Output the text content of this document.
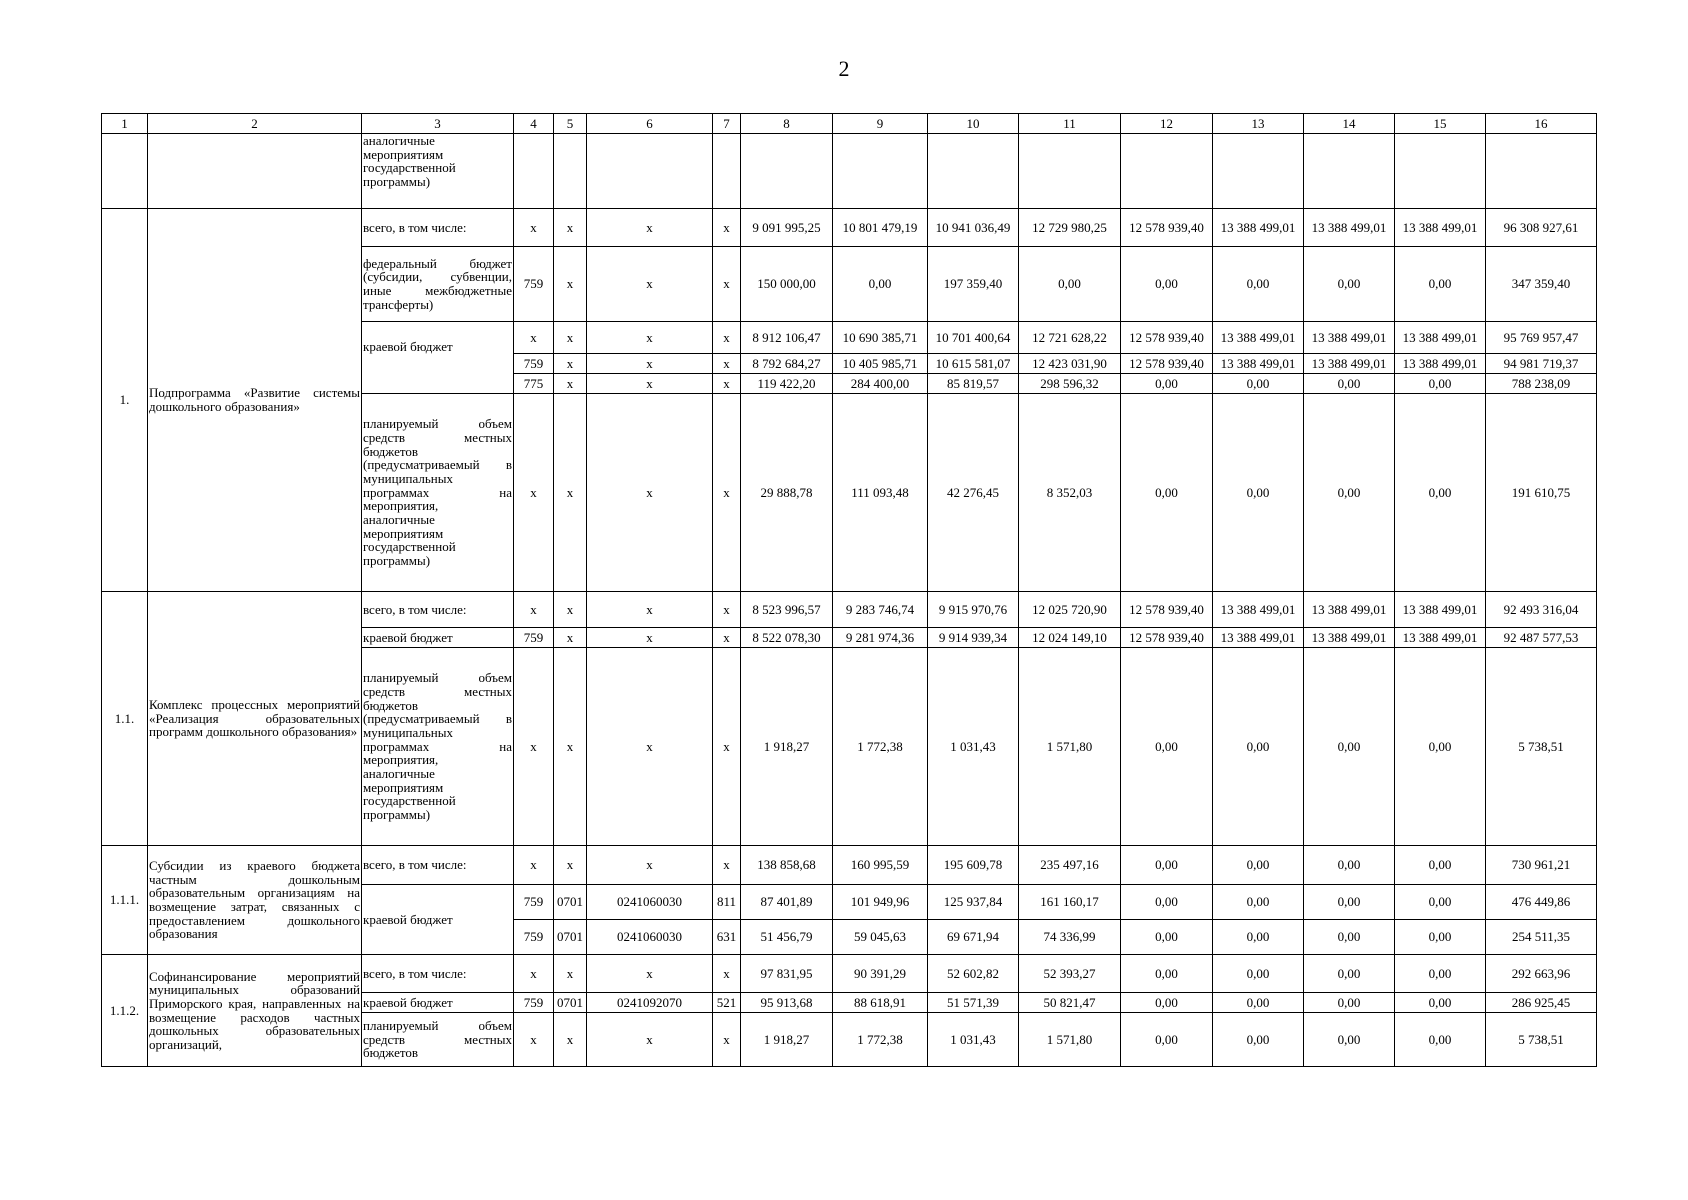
2
1	2	3	4	5	6	7	8	9	10	11	12	13	14	15	16
		аналогичные мероприятиям государственной программы)													
1.	Подпрограмма «Развитие системы дошкольного образования»	всего, в том числе:	x	x	x	x	9 091 995,25	10 801 479,19	10 941 036,49	12 729 980,25	12 578 939,40	13 388 499,01	13 388 499,01	13 388 499,01	96 308 927,61
		федеральный бюджет (субсидии, субвенции, иные межбюджетные трансферты)	759	x	x	x	150 000,00	0,00	197 359,40	0,00	0,00	0,00	0,00	0,00	347 359,40
		краевой бюджет	x	x	x	x	8 912 106,47	10 690 385,71	10 701 400,64	12 721 628,22	12 578 939,40	13 388 499,01	13 388 499,01	13 388 499,01	95 769 957,47
			759	x	x	x	8 792 684,27	10 405 985,71	10 615 581,07	12 423 031,90	12 578 939,40	13 388 499,01	13 388 499,01	13 388 499,01	94 981 719,37
			775	x	x	x	119 422,20	284 400,00	85 819,57	298 596,32	0,00	0,00	0,00	0,00	788 238,09
		планируемый объем средств местных бюджетов (предусматриваемый в муниципальных программах на мероприятия, аналогичные мероприятиям государственной программы)	x	x	x	x	29 888,78	111 093,48	42 276,45	8 352,03	0,00	0,00	0,00	0,00	191 610,75
1.1.	Комплекс процессных мероприятий «Реализация образовательных программ дошкольного образования»	всего, в том числе:	x	x	x	x	8 523 996,57	9 283 746,74	9 915 970,76	12 025 720,90	12 578 939,40	13 388 499,01	13 388 499,01	13 388 499,01	92 493 316,04
		краевой бюджет	759	x	x	x	8 522 078,30	9 281 974,36	9 914 939,34	12 024 149,10	12 578 939,40	13 388 499,01	13 388 499,01	13 388 499,01	92 487 577,53
		планируемый объем средств местных бюджетов (предусматриваемый в муниципальных программах на мероприятия, аналогичные мероприятиям государственной программы)	x	x	x	x	1 918,27	1 772,38	1 031,43	1 571,80	0,00	0,00	0,00	0,00	5 738,51
1.1.1.	Субсидии из краевого бюджета частным дошкольным образовательным организациям на возмещение затрат, связанных с предоставлением дошкольного образования	всего, в том числе:	x	x	x	x	138 858,68	160 995,59	195 609,78	235 497,16	0,00	0,00	0,00	0,00	730 961,21
		краевой бюджет	759	0701	0241060030	811	87 401,89	101 949,96	125 937,84	161 160,17	0,00	0,00	0,00	0,00	476 449,86
			759	0701	0241060030	631	51 456,79	59 045,63	69 671,94	74 336,99	0,00	0,00	0,00	0,00	254 511,35
1.1.2.	Софинансирование мероприятий муниципальных образований Приморского края, направленных на возмещение расходов частных дошкольных образовательных организаций,	всего, в том числе:	x	x	x	x	97 831,95	90 391,29	52 602,82	52 393,27	0,00	0,00	0,00	0,00	292 663,96
		краевой бюджет	759	0701	0241092070	521	95 913,68	88 618,91	51 571,39	50 821,47	0,00	0,00	0,00	0,00	286 925,45
		планируемый объем средств местных бюджетов	x	x	x	x	1 918,27	1 772,38	1 031,43	1 571,80	0,00	0,00	0,00	0,00	5 738,51
